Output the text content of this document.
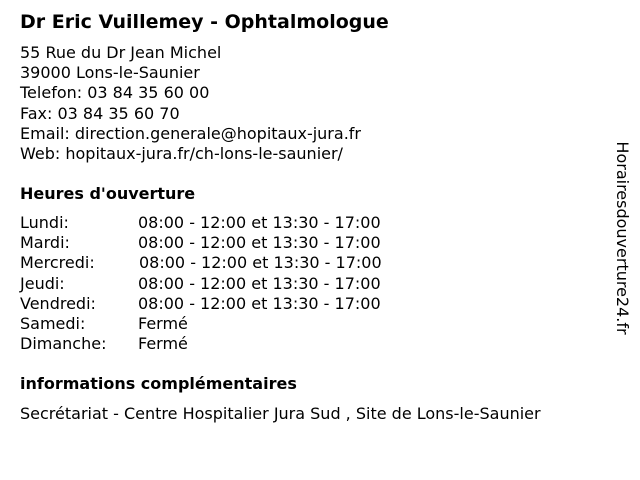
Dr Eric Vuillemey - Ophtalmologue
55 Rue du Dr Jean Michel
39000 Lons-le-Saunier
Telefon: 03 84 35 60 00
Fax: 03 84 35 60 70
Email: direction.generale@hopitaux-jura.fr
Web: hopitaux-jura.fr/ch-lons-le-saunier/
Heures d'ouverture
Lundi:	08:00 - 12:00 et 13:30 - 17:00
Mardi:	08:00 - 12:00 et 13:30 - 17:00
Mercredi:	08:00 - 12:00 et 13:30 - 17:00
Jeudi:	08:00 - 12:00 et 13:30 - 17:00
Vendredi:	08:00 - 12:00 et 13:30 - 17:00
Samedi:	Fermé
Dimanche: Fermé
informations complémentaires
Secrétariat - Centre Hospitalier Jura Sud , Site de Lons-le-Saunier
Horairesdouverture24.fr
